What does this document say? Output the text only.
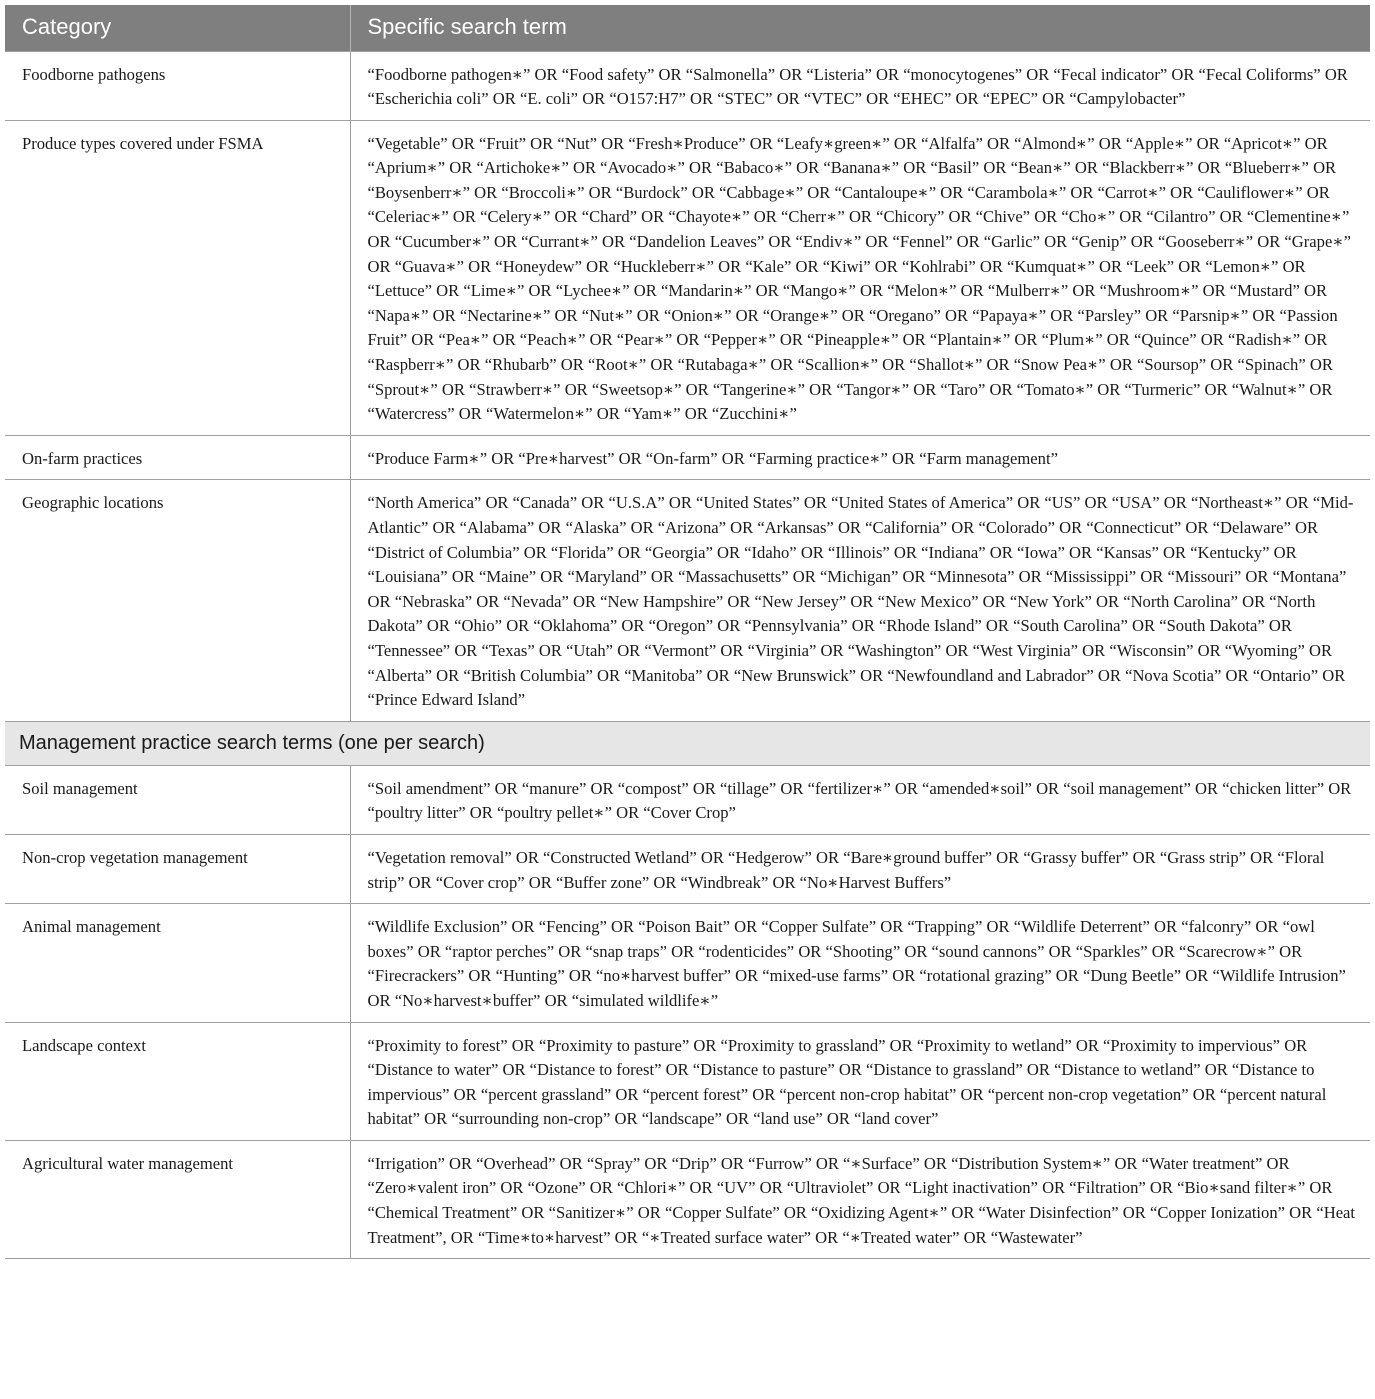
Category	Specific search term
Foodborne pathogens	“Foodborne pathogen∗” OR “Food safety” OR “Salmonella” OR “Listeria” OR “monocytogenes” OR “Fecal indicator” OR “Fecal Coliforms” OR “Escherichia coli” OR “E. coli” OR “O157:H7” OR “STEC” OR “VTEC” OR “EHEC” OR “EPEC” OR “Campylobacter”
Produce types covered under FSMA	“Vegetable” OR “Fruit” OR “Nut” OR “Fresh∗Produce” OR “Leafy∗green∗” OR “Alfalfa” OR “Almond∗” OR “Apple∗” OR “Apricot∗” OR “Aprium∗” OR “Artichoke∗” OR “Avocado∗” OR “Babaco∗” OR “Banana∗” OR “Basil” OR “Bean∗” OR “Blackberr∗” OR “Blueberr∗” OR “Boysenberr∗” OR “Broccoli∗” OR “Burdock” OR “Cabbage∗” OR “Cantaloupe∗” OR “Carambola∗” OR “Carrot∗” OR “Cauliflower∗” OR “Celeriac∗” OR “Celery∗” OR “Chard” OR “Chayote∗” OR “Cherr∗” OR “Chicory” OR “Chive” OR “Cho∗” OR “Cilantro” OR “Clementine∗” OR “Cucumber∗” OR “Currant∗” OR “Dandelion Leaves” OR “Endiv∗” OR “Fennel” OR “Garlic” OR “Genip” OR “Gooseberr∗” OR “Grape∗” OR “Guava∗” OR “Honeydew” OR “Huckleberr∗” OR “Kale” OR “Kiwi” OR “Kohlrabi” OR “Kumquat∗” OR “Leek” OR “Lemon∗” OR “Lettuce” OR “Lime∗” OR “Lychee∗” OR “Mandarin∗” OR “Mango∗” OR “Melon∗” OR “Mulberr∗” OR “Mushroom∗” OR “Mustard” OR “Napa∗” OR “Nectarine∗” OR “Nut∗” OR “Onion∗” OR “Orange∗” OR “Oregano” OR “Papaya∗” OR “Parsley” OR “Parsnip∗” OR “Passion Fruit” OR “Pea∗” OR “Peach∗” OR “Pear∗” OR “Pepper∗” OR “Pineapple∗” OR “Plantain∗” OR “Plum∗” OR “Quince” OR “Radish∗” OR “Raspberr∗” OR “Rhubarb” OR “Root∗” OR “Rutabaga∗” OR “Scallion∗” OR “Shallot∗” OR “Snow Pea∗” OR “Soursop” OR “Spinach” OR “Sprout∗” OR “Strawberr∗” OR “Sweetsop∗” OR “Tangerine∗” OR “Tangor∗” OR “Taro” OR “Tomato∗” OR “Turmeric” OR “Walnut∗” OR “Watercress” OR “Watermelon∗” OR “Yam∗” OR “Zucchini∗”
On-farm practices	“Produce Farm∗” OR “Pre∗harvest” OR “On-farm” OR “Farming practice∗” OR “Farm management”
Geographic locations	“North America” OR “Canada” OR “U.S.A” OR “United States” OR “United States of America” OR “US” OR “USA” OR “Northeast∗” OR “Mid-Atlantic” OR “Alabama” OR “Alaska” OR “Arizona” OR “Arkansas” OR “California” OR “Colorado” OR “Connecticut” OR “Delaware” OR “District of Columbia” OR “Florida” OR “Georgia” OR “Idaho” OR “Illinois” OR “Indiana” OR “Iowa” OR “Kansas” OR “Kentucky” OR “Louisiana” OR “Maine” OR “Maryland” OR “Massachusetts” OR “Michigan” OR “Minnesota” OR “Mississippi” OR “Missouri” OR “Montana” OR “Nebraska” OR “Nevada” OR “New Hampshire” OR “New Jersey” OR “New Mexico” OR “New York” OR “North Carolina” OR “North Dakota” OR “Ohio” OR “Oklahoma” OR “Oregon” OR “Pennsylvania” OR “Rhode Island” OR “South Carolina” OR “South Dakota” OR “Tennessee” OR “Texas” OR “Utah” OR “Vermont” OR “Virginia” OR “Washington” OR “West Virginia” OR “Wisconsin” OR “Wyoming” OR “Alberta” OR “British Columbia” OR “Manitoba” OR “New Brunswick” OR “Newfoundland and Labrador” OR “Nova Scotia” OR “Ontario” OR “Prince Edward Island”
Management practice search terms (one per search)	
Soil management	“Soil amendment” OR “manure” OR “compost” OR “tillage” OR “fertilizer∗” OR “amended∗soil” OR “soil management” OR “chicken litter” OR “poultry litter” OR “poultry pellet∗” OR “Cover Crop”
Non-crop vegetation management	“Vegetation removal” OR “Constructed Wetland” OR “Hedgerow” OR “Bare∗ground buffer” OR “Grassy buffer” OR “Grass strip” OR “Floral strip” OR “Cover crop” OR “Buffer zone” OR “Windbreak” OR “No∗Harvest Buffers”
Animal management	“Wildlife Exclusion” OR “Fencing” OR “Poison Bait” OR “Copper Sulfate” OR “Trapping” OR “Wildlife Deterrent” OR “falconry” OR “owl boxes” OR “raptor perches” OR “snap traps” OR “rodenticides” OR “Shooting” OR “sound cannons” OR “Sparkles” OR “Scarecrow∗” OR “Firecrackers” OR “Hunting” OR “no∗harvest buffer” OR “mixed-use farms” OR “rotational grazing” OR “Dung Beetle” OR “Wildlife Intrusion” OR “No∗harvest∗buffer” OR “simulated wildlife∗”
Landscape context	“Proximity to forest” OR “Proximity to pasture” OR “Proximity to grassland” OR “Proximity to wetland” OR “Proximity to impervious” OR “Distance to water” OR “Distance to forest” OR “Distance to pasture” OR “Distance to grassland” OR “Distance to wetland” OR “Distance to impervious” OR “percent grassland” OR “percent forest” OR “percent non-crop habitat” OR “percent non-crop vegetation” OR “percent natural habitat” OR “surrounding non-crop” OR “landscape” OR “land use” OR “land cover”
Agricultural water management	“Irrigation” OR “Overhead” OR “Spray” OR “Drip” OR “Furrow” OR “∗Surface” OR “Distribution System∗” OR “Water treatment” OR “Zero∗valent iron” OR “Ozone” OR “Chlori∗” OR “UV” OR “Ultraviolet” OR “Light inactivation” OR “Filtration” OR “Bio∗sand filter∗” OR “Chemical Treatment” OR “Sanitizer∗” OR “Copper Sulfate” OR “Oxidizing Agent∗” OR “Water Disinfection” OR “Copper Ionization” OR “Heat Treatment”, OR “Time∗to∗harvest” OR “∗Treated surface water” OR “∗Treated water” OR “Wastewater”
